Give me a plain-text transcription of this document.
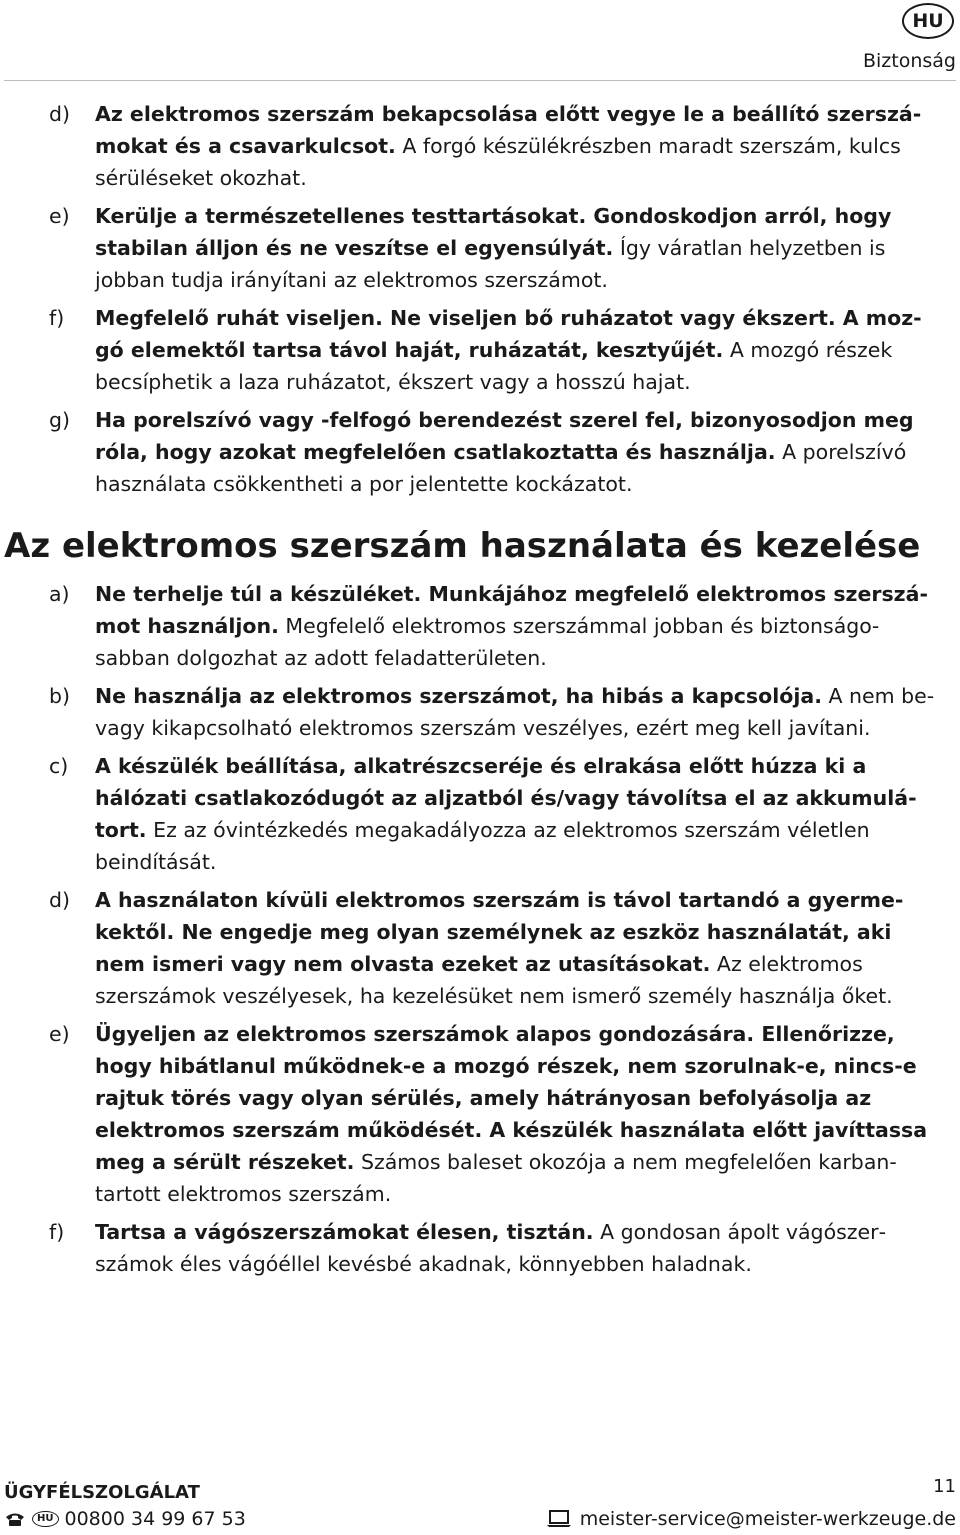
HU
Biztonság
d) Az elektromos szerszám bekapcsolása előtt vegye le a beállító szerszámokat és a csavarkulcsot. A forgó készülékrészben maradt szerszám, kulcs sérüléseket okozhat.
e) Kerülje a természetellenes testtartásokat. Gondoskodjon arról, hogy stabilan álljon és ne veszítse el egyensúlyát. Így váratlan helyzetben is jobban tudja irányítani az elektromos szerszámot.
f) Megfelelő ruhát viseljen. Ne viseljen bő ruházatot vagy ékszert. A mozgó elemektől tartsa távol haját, ruházatát, kesztyűjét. A mozgó részek becsíphetik a laza ruházatot, ékszert vagy a hosszú hajat.
g) Ha porelszívó vagy -felfogó berendezést szerel fel, bizonyosodjon meg róla, hogy azokat megfelelően csatlakoztatta és használja. A porelszívó használata csökkentheti a por jelentette kockázatot.
Az elektromos szerszám használata és kezelése
a) Ne terhelje túl a készüléket. Munkájához megfelelő elektromos szerszámot használjon. Megfelelő elektromos szerszámmal jobban és biztonságosabban dolgozhat az adott feladatterületen.
b) Ne használja az elektromos szerszámot, ha hibás a kapcsolója. A nem be- vagy kikapcsolható elektromos szerszám veszélyes, ezért meg kell javítani.
c) A készülék beállítása, alkatrészcseréje és elrakása előtt húzza ki a hálózati csatlakozódugót az aljzatból és/vagy távolítsa el az akkumulátort. Ez az óvintézkedés megakadályozza az elektromos szerszám véletlen beindítását.
d) A használaton kívüli elektromos szerszám is távol tartandó a gyermekektől. Ne engedje meg olyan személynek az eszköz használatát, aki nem ismeri vagy nem olvasta ezeket az utasításokat. Az elektromos szerszámok veszélyesek, ha kezelésüket nem ismerő személy használja őket.
e) Ügyeljen az elektromos szerszámok alapos gondozására. Ellenőrizze, hogy hibátlanul működnek-e a mozgó részek, nem szorulnak-e, nincs-e rajtuk törés vagy olyan sérülés, amely hátrányosan befolyásolja az elektromos szerszám működését. A készülék használata előtt javíttassa meg a sérült részeket. Számos baleset okozója a nem megfelelően karbantartott elektromos szerszám.
f) Tartsa a vágószerszámokat élesen, tisztán. A gondosan ápolt vágószerszámok éles vágóéllel kevésbé akadnak, könnyebben haladnak.
ÜGYFÉLSZOLGÁLAT	11
HU 00800 34 99 67 53	meister-service@meister-werkzeuge.de
